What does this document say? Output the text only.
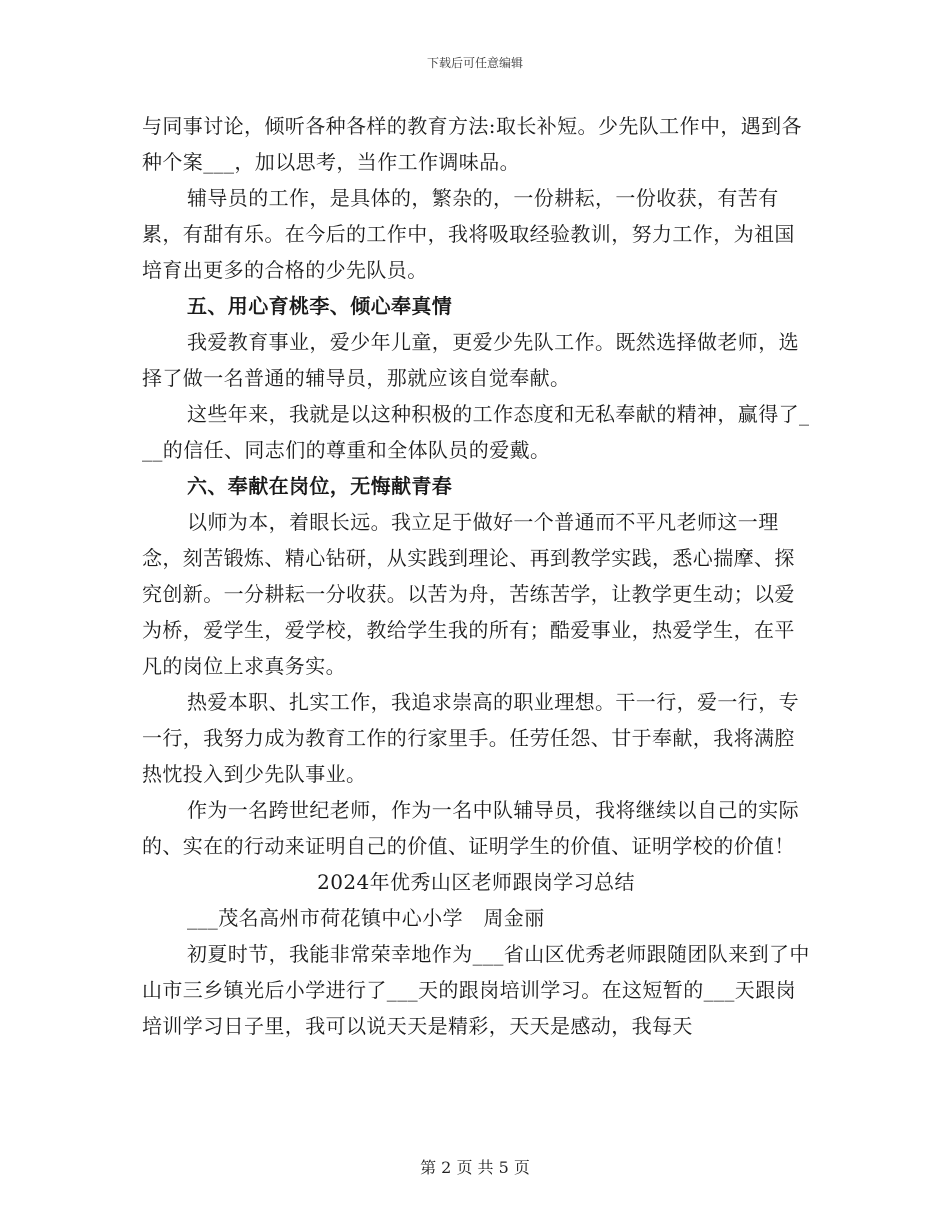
下载后可任意编辑

与同事讨论，倾听各种各样的教育方法:取长补短。少先队工作中，遇到各种个案___，加以思考，当作工作调味品。

辅导员的工作，是具体的，繁杂的，一份耕耘，一份收获，有苦有累，有甜有乐。在今后的工作中，我将吸取经验教训，努力工作，为祖国培育出更多的合格的少先队员。

五、用心育桃李、倾心奉真情

我爱教育事业，爱少年儿童，更爱少先队工作。既然选择做老师，选择了做一名普通的辅导员，那就应该自觉奉献。

这些年来，我就是以这种积极的工作态度和无私奉献的精神，赢得了___的信任、同志们的尊重和全体队员的爱戴。

六、奉献在岗位，无悔献青春

以师为本，着眼长远。我立足于做好一个普通而不平凡老师这一理念，刻苦锻炼、精心钻研，从实践到理论、再到教学实践，悉心揣摩、探究创新。一分耕耘一分收获。以苦为舟，苦练苦学，让教学更生动；以爱为桥，爱学生，爱学校，教给学生我的所有；酷爱事业，热爱学生，在平凡的岗位上求真务实。

热爱本职、扎实工作，我追求崇高的职业理想。干一行，爱一行，专一行，我努力成为教育工作的行家里手。任劳任怨、甘于奉献，我将满腔热忱投入到少先队事业。

作为一名跨世纪老师，作为一名中队辅导员，我将继续以自己的实际的、实在的行动来证明自己的价值、证明学生的价值、证明学校的价值！

2024年优秀山区老师跟岗学习总结

___茂名高州市荷花镇中心小学　周金丽

初夏时节，我能非常荣幸地作为___省山区优秀老师跟随团队来到了中山市三乡镇光后小学进行了___天的跟岗培训学习。在这短暂的___天跟岗培训学习日子里，我可以说天天是精彩，天天是感动，我每天

第 2 页 共 5 页
